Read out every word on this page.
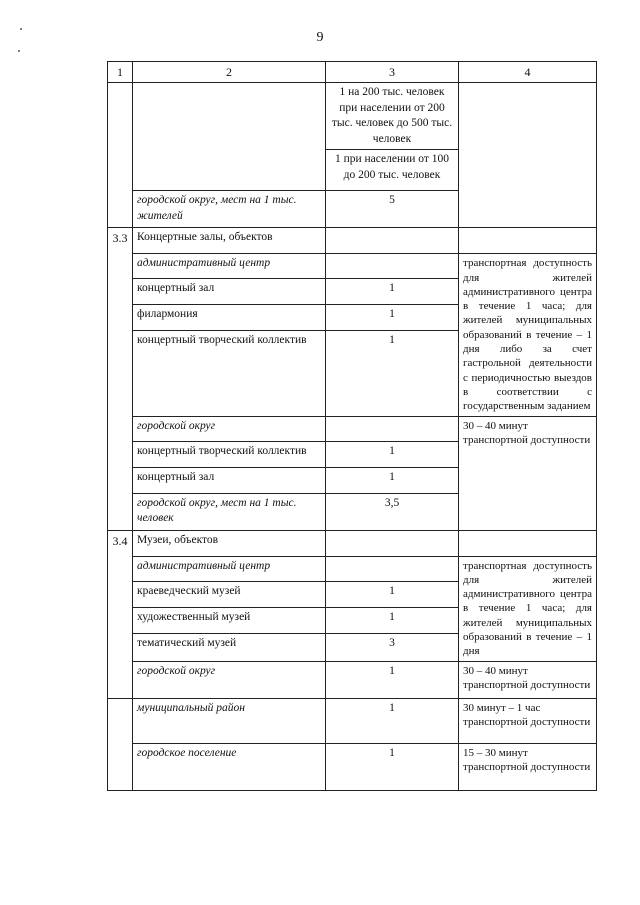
9
1	2	3	4
		1 на 200 тыс. человек при населении от 200 тыс. человек до 500 тыс. человек	
		1 при населении от 100 до 200 тыс. человек	
	городской округ, мест на 1 тыс. жителей	5	
3.3	Концертные залы, объектов		
	административный центр		транспортная доступность для жителей административного центра в течение 1 часа; для жителей муниципальных образований в течение – 1 дня либо за счет гастрольной деятельности с периодичностью выездов в соответствии с государственным заданием
	концертный зал	1	
	филармония	1	
	концертный творческий коллектив	1	
	городской округ		30 – 40 минут транспортной доступности
	концертный творческий коллектив	1	
	концертный зал	1	
	городской округ, мест на 1 тыс. человек	3,5	
3.4	Музеи, объектов		
	административный центр		транспортная доступность для жителей административного центра в течение 1 часа; для жителей муниципальных образований в течение – 1 дня
	краеведческий музей	1	
	художественный музей	1	
	тематический музей	3	
	городской округ	1	30 – 40 минут транспортной доступности
	муниципальный район	1	30 минут – 1 час транспортной доступности
	городское поселение	1	15 – 30 минут транспортной доступности
